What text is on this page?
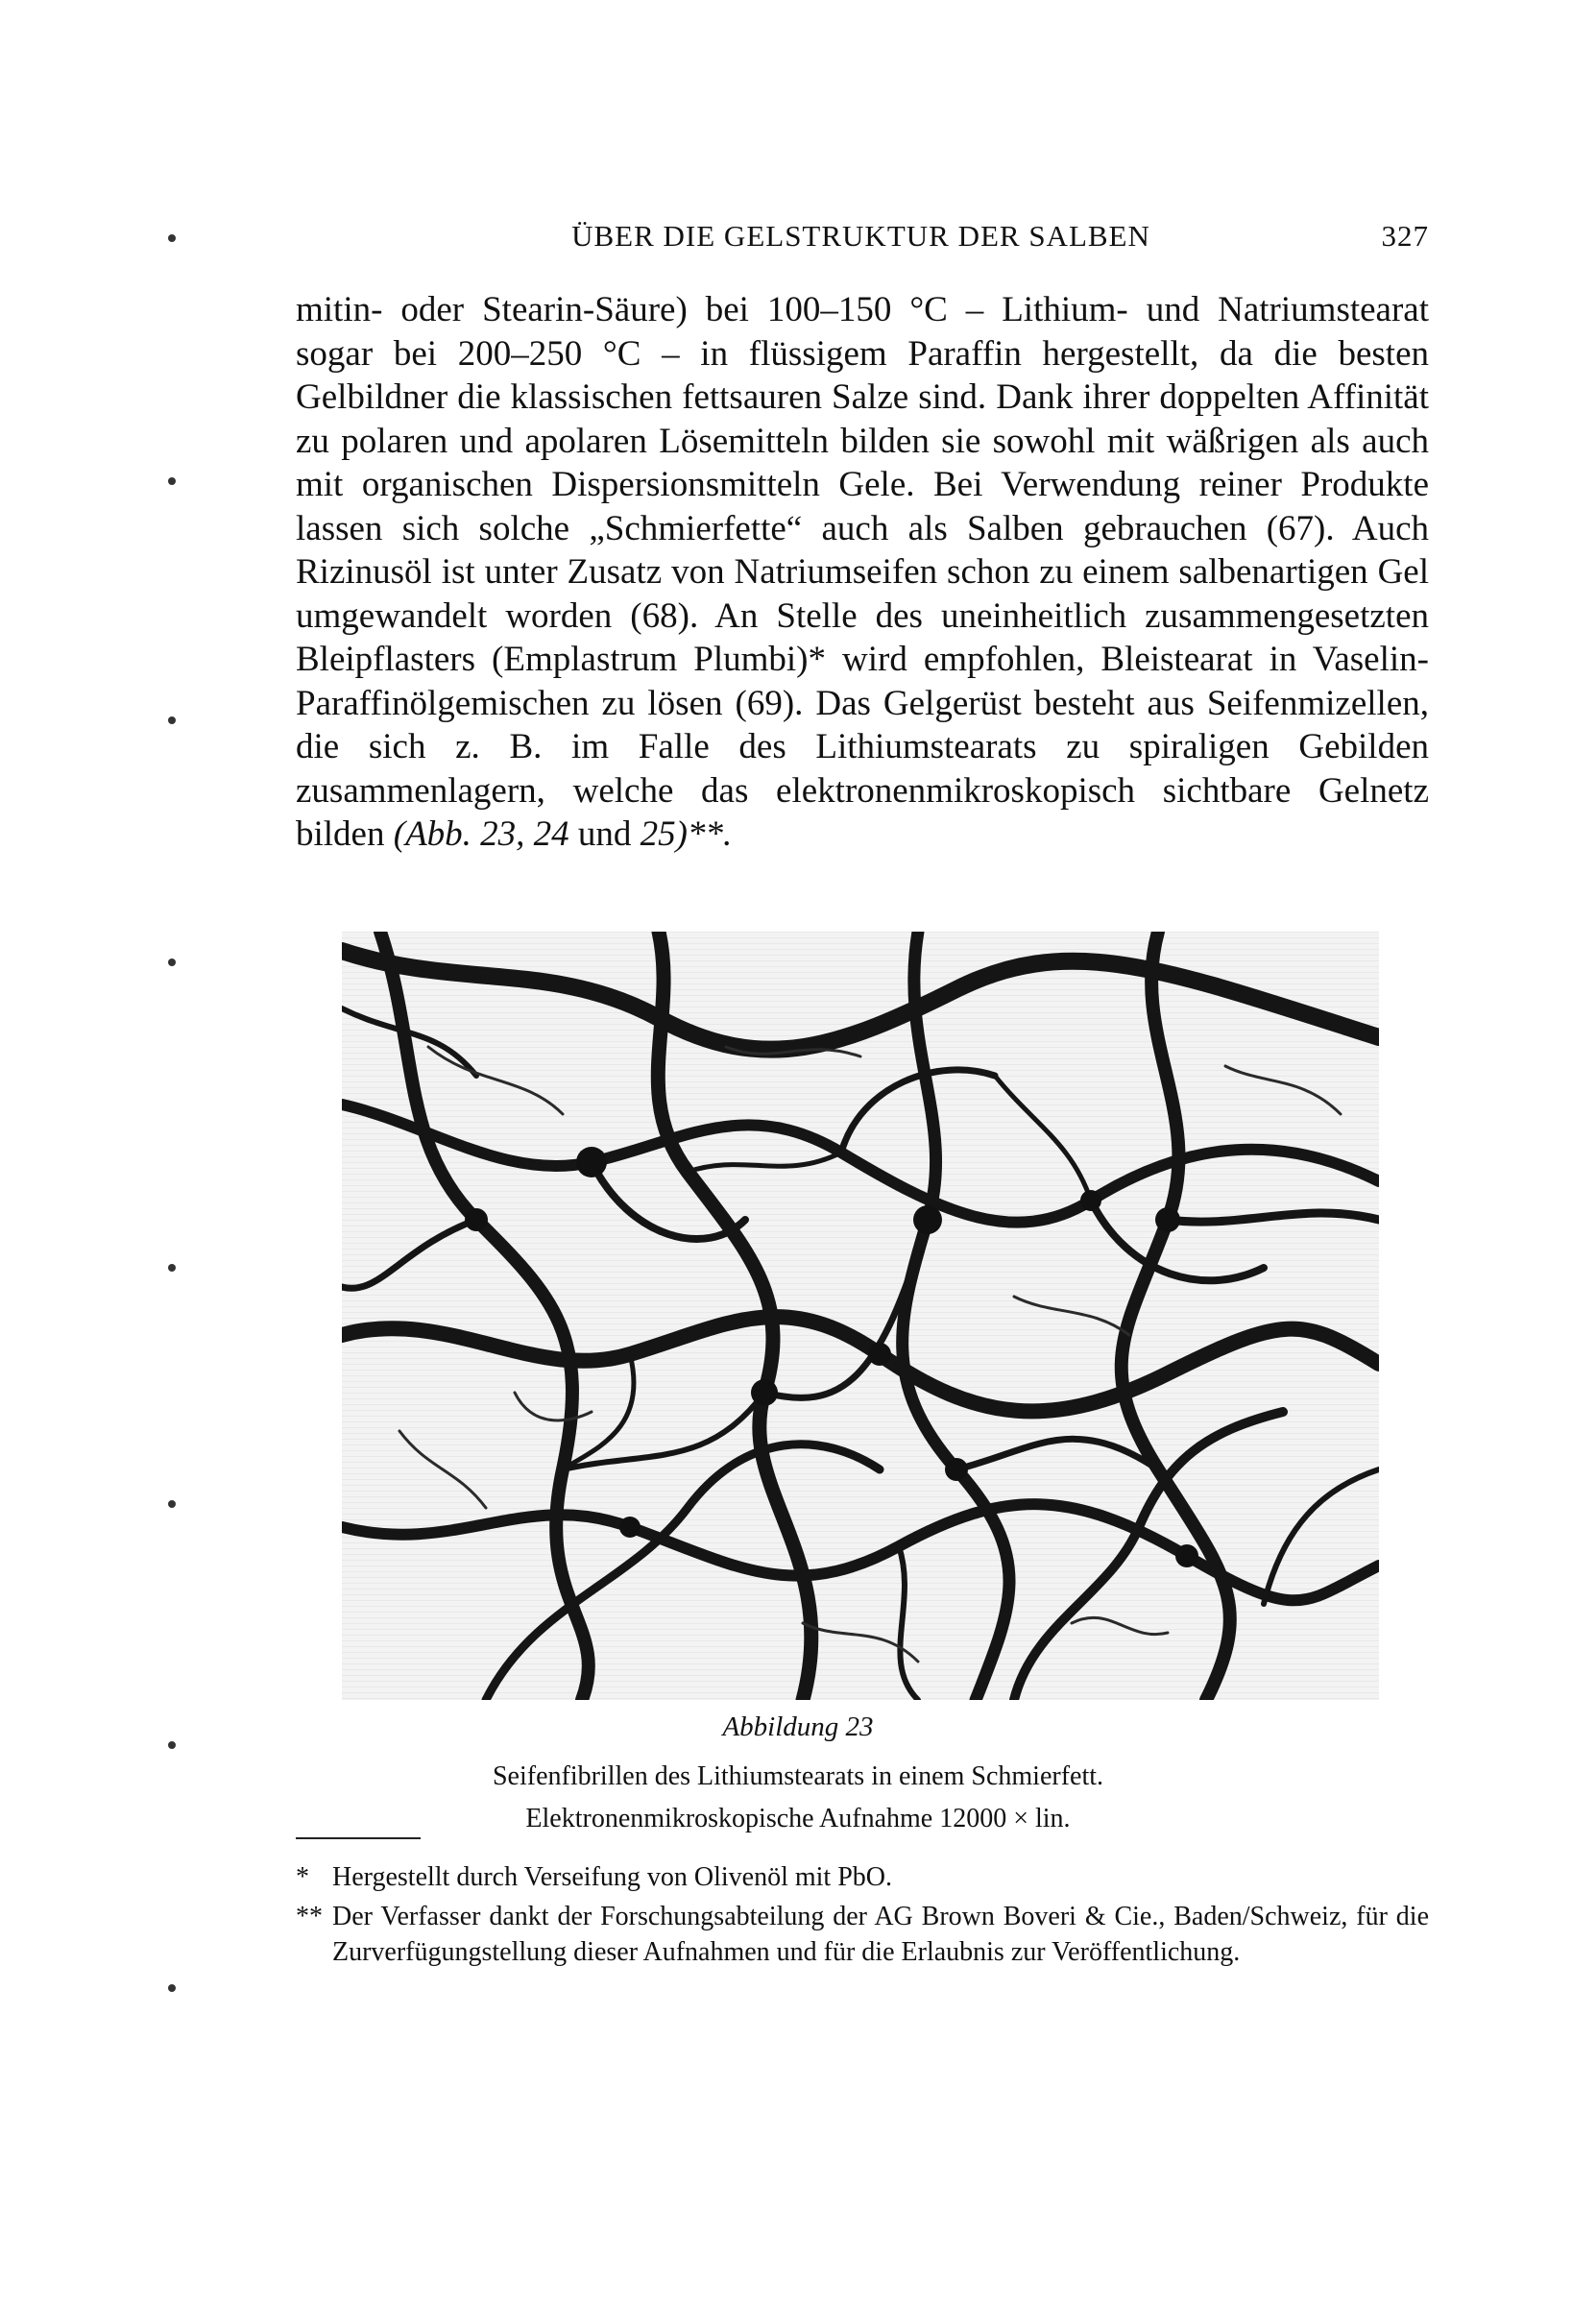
ÜBER DIE GELSTRUKTUR DER SALBEN	327

mitin- oder Stearin-Säure) bei 100–150 °C – Lithium- und Natriumstearat sogar bei 200–250 °C – in flüssigem Paraffin hergestellt, da die besten Gelbildner die klassischen fettsauren Salze sind. Dank ihrer doppelten Affinität zu polaren und apolaren Lösemitteln bilden sie sowohl mit wäßrigen als auch mit organischen Dispersionsmitteln Gele. Bei Verwendung reiner Produkte lassen sich solche „Schmierfette“ auch als Salben gebrauchen (67). Auch Rizinusöl ist unter Zusatz von Natriumseifen schon zu einem salbenartigen Gel umgewandelt worden (68). An Stelle des uneinheitlich zusammengesetzten Bleipflasters (Emplastrum Plumbi)* wird empfohlen, Bleistearat in Vaselin-Paraffinölgemischen zu lösen (69). Das Gelgerüst besteht aus Seifenmizellen, die sich z. B. im Falle des Lithiumstearats zu spiraligen Gebilden zusammenlagern, welche das elektronenmikroskopisch sichtbare Gelnetz bilden (Abb. 23, 24 und 25)**.

Abbildung 23
Seifenfibrillen des Lithiumstearats in einem Schmierfett.
Elektronenmikroskopische Aufnahme 12000 × lin.
* Hergestellt durch Verseifung von Olivenöl mit PbO.
** Der Verfasser dankt der Forschungsabteilung der AG Brown Boveri & Cie., Baden/Schweiz, für die Zurverfügungstellung dieser Aufnahmen und für die Erlaubnis zur Veröffentlichung.
